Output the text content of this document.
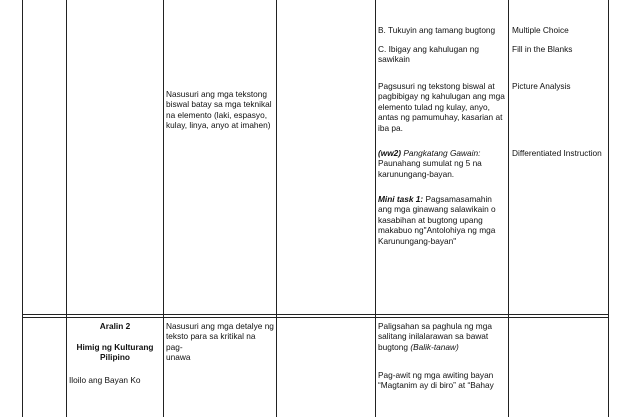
Nasusuri ang mga tekstong
biswal batay sa mga teknikal
na elemento (laki, espasyo,
kulay, linya, anyo at imahen)
B. Tukuyin ang tamang bugtong
C. Ibigay ang kahulugan ng
sawikain
Pagsusuri ng tekstong biswal at
pagbibigay ng kahulugan ang mga
elemento tulad ng kulay, anyo,
antas ng pamumuhay, kasarian at
iba pa.
(ww2) Pangkatang Gawain:
Paunahang sumulat ng 5 na
karunungang-bayan.
Mini task 1: Pagsamasamahin
ang mga ginawang salawikain o
kasabihan at bugtong upang
makabuo ng"Antolohiya ng mga
Karunungang-bayan"
Multiple Choice
Fill in the Blanks
Picture Analysis
Differentiated Instruction
Aralin 2
Himig ng Kulturang
Pilipino
Iloilo ang Bayan Ko
Nasusuri ang mga detalye ng
teksto para sa kritikal na pag-
unawa
Paligsahan sa paghula ng mga
salitang inilalarawan sa bawat
bugtong (Balik-tanaw)
Pag-awit ng mga awiting bayan
“Magtanim ay di biro” at “Bahay
